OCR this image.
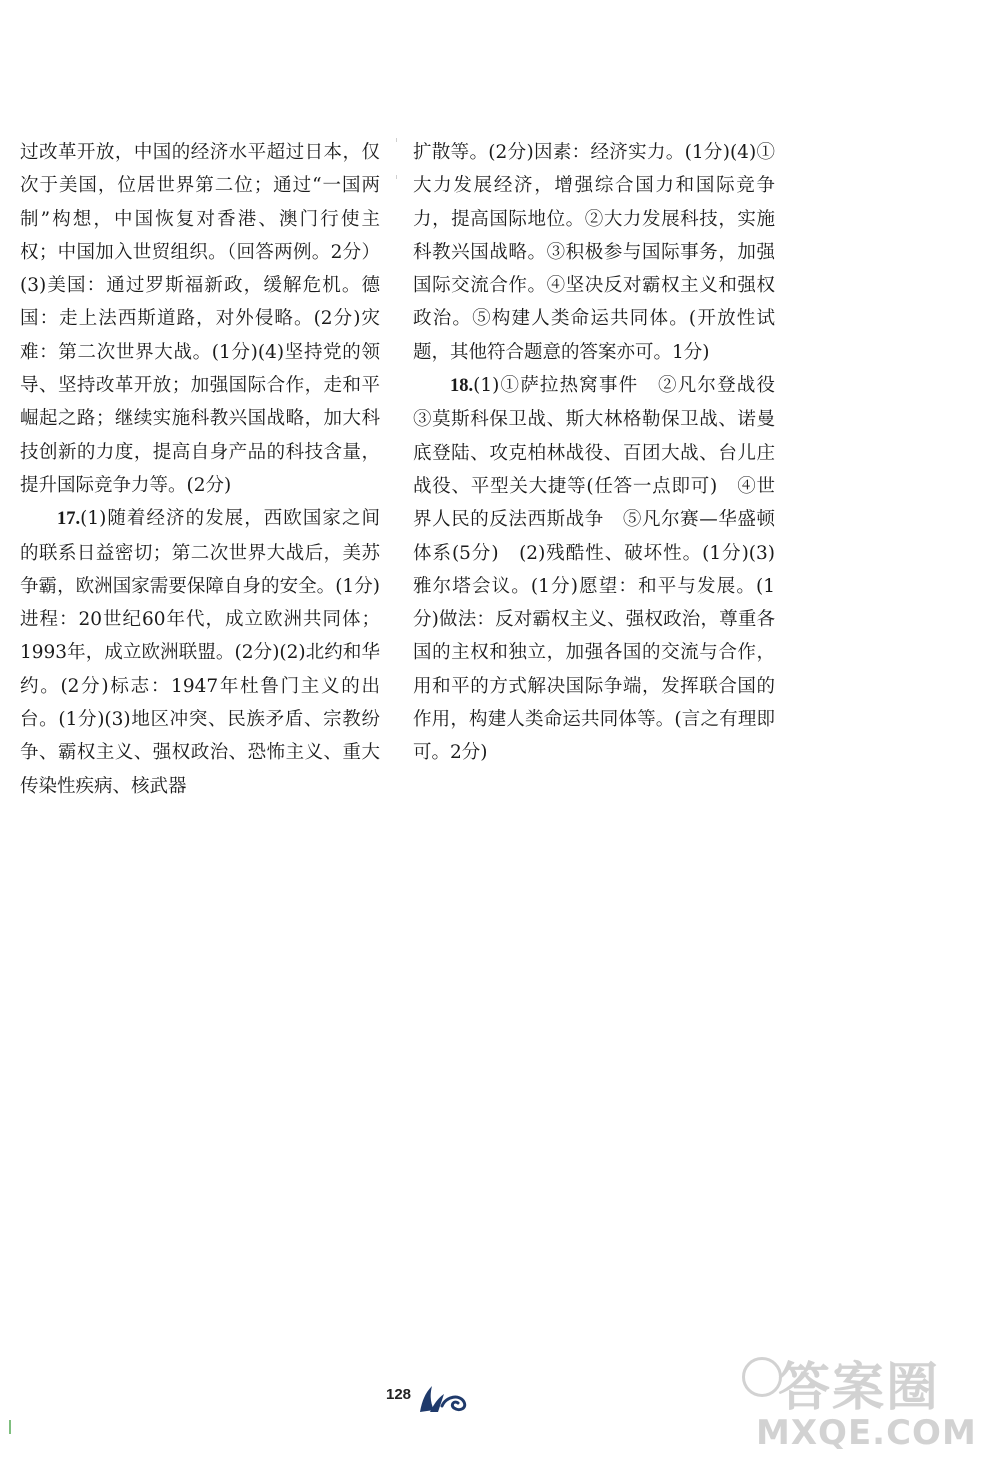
过改革开放，中国的经济水平超过日本，仅次于美国，位居世界第二位；通过“一国两制”构想，中国恢复对香港、澳门行使主权；中国加入世贸组织。（回答两例。2分）(3)美国：通过罗斯福新政，缓解危机。德国：走上法西斯道路，对外侵略。(2分)灾难：第二次世界大战。(1分)(4)坚持党的领导、坚持改革开放；加强国际合作，走和平崛起之路；继续实施科教兴国战略，加大科技创新的力度，提高自身产品的科技含量，提升国际竞争力等。(2分)

17.(1)随着经济的发展，西欧国家之间的联系日益密切；第二次世界大战后，美苏争霸，欧洲国家需要保障自身的安全。(1分)进程：20世纪60年代，成立欧洲共同体；1993年，成立欧洲联盟。(2分)(2)北约和华约。(2分)标志：1947年杜鲁门主义的出台。(1分)(3)地区冲突、民族矛盾、宗教纷争、霸权主义、强权政治、恐怖主义、重大传染性疾病、核武器

扩散等。(2分)因素：经济实力。(1分)(4)①大力发展经济，增强综合国力和国际竞争力，提高国际地位。②大力发展科技，实施科教兴国战略。③积极参与国际事务，加强国际交流合作。④坚决反对霸权主义和强权政治。⑤构建人类命运共同体。(开放性试题，其他符合题意的答案亦可。1分)

18.(1)①萨拉热窝事件　②凡尔登战役　③莫斯科保卫战、斯大林格勒保卫战、诺曼底登陆、攻克柏林战役、百团大战、台儿庄战役、平型关大捷等(任答一点即可)　④世界人民的反法西斯战争　⑤凡尔赛—华盛顿体系(5分)　(2)残酷性、破坏性。(1分)(3)雅尔塔会议。(1分)愿望：和平与发展。(1分)做法：反对霸权主义、强权政治，尊重各国的主权和独立，加强各国的交流与合作，用和平的方式解决国际争端，发挥联合国的作用，构建人类命运共同体等。(言之有理即可。2分)

128	答案圈
MXQE.COM
